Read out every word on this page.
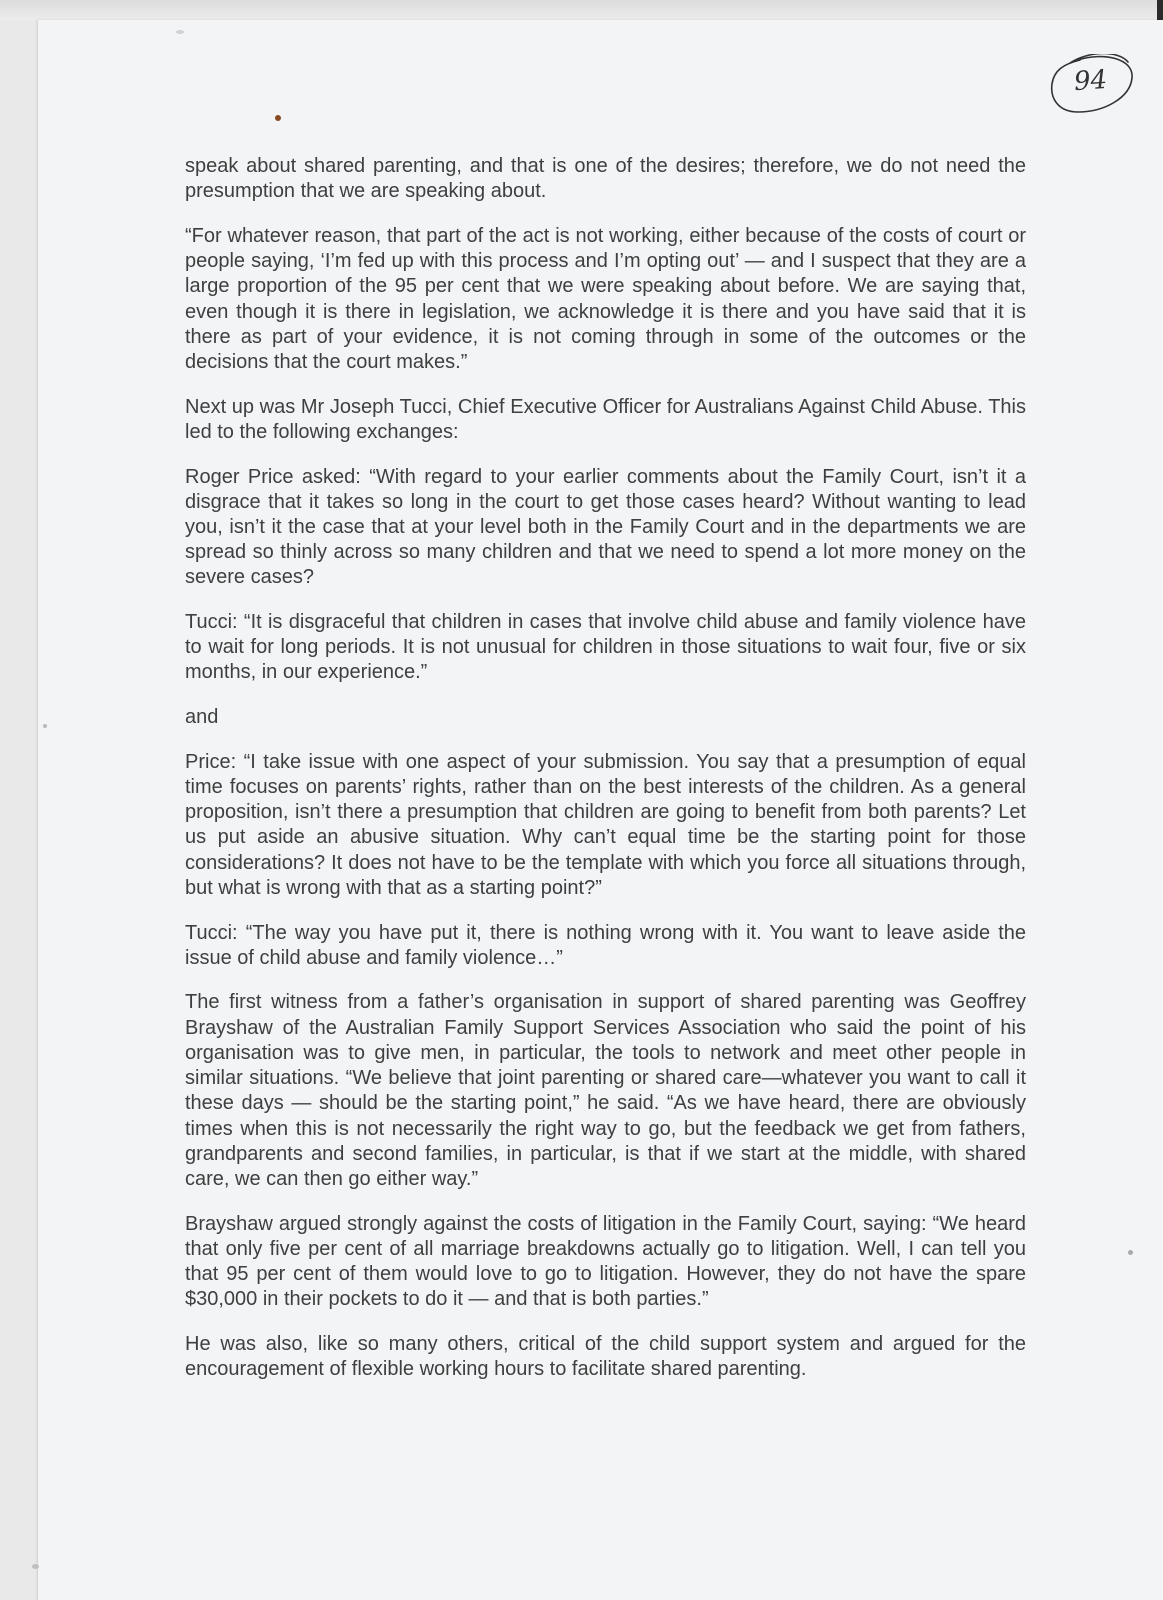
94

speak about shared parenting, and that is one of the desires; therefore, we do not need the presumption that we are speaking about.

“For whatever reason, that part of the act is not working, either because of the costs of court or people saying, ‘I’m fed up with this process and I’m opting out’ — and I suspect that they are a large proportion of the 95 per cent that we were speaking about before. We are saying that, even though it is there in legislation, we acknowledge it is there and you have said that it is there as part of your evidence, it is not coming through in some of the outcomes or the decisions that the court makes.”

Next up was Mr Joseph Tucci, Chief Executive Officer for Australians Against Child Abuse. This led to the following exchanges:

Roger Price asked: “With regard to your earlier comments about the Family Court, isn’t it a disgrace that it takes so long in the court to get those cases heard? Without wanting to lead you, isn’t it the case that at your level both in the Family Court and in the departments we are spread so thinly across so many children and that we need to spend a lot more money on the severe cases?

Tucci: “It is disgraceful that children in cases that involve child abuse and family violence have to wait for long periods. It is not unusual for children in those situations to wait four, five or six months, in our experience.”

and

Price: “I take issue with one aspect of your submission. You say that a presumption of equal time focuses on parents’ rights, rather than on the best interests of the children. As a general proposition, isn’t there a presumption that children are going to benefit from both parents? Let us put aside an abusive situation. Why can’t equal time be the starting point for those considerations? It does not have to be the template with which you force all situations through, but what is wrong with that as a starting point?”

Tucci: “The way you have put it, there is nothing wrong with it. You want to leave aside the issue of child abuse and family violence…”

The first witness from a father’s organisation in support of shared parenting was Geoffrey Brayshaw of the Australian Family Support Services Association who said the point of his organisation was to give men, in particular, the tools to network and meet other people in similar situations. “We believe that joint parenting or shared care—whatever you want to call it these days — should be the starting point,” he said. “As we have heard, there are obviously times when this is not necessarily the right way to go, but the feedback we get from fathers, grandparents and second families, in particular, is that if we start at the middle, with shared care, we can then go either way.”

Brayshaw argued strongly against the costs of litigation in the Family Court, saying: “We heard that only five per cent of all marriage breakdowns actually go to litigation. Well, I can tell you that 95 per cent of them would love to go to litigation. However, they do not have the spare $30,000 in their pockets to do it — and that is both parties.”

He was also, like so many others, critical of the child support system and argued for the encouragement of flexible working hours to facilitate shared parenting.
